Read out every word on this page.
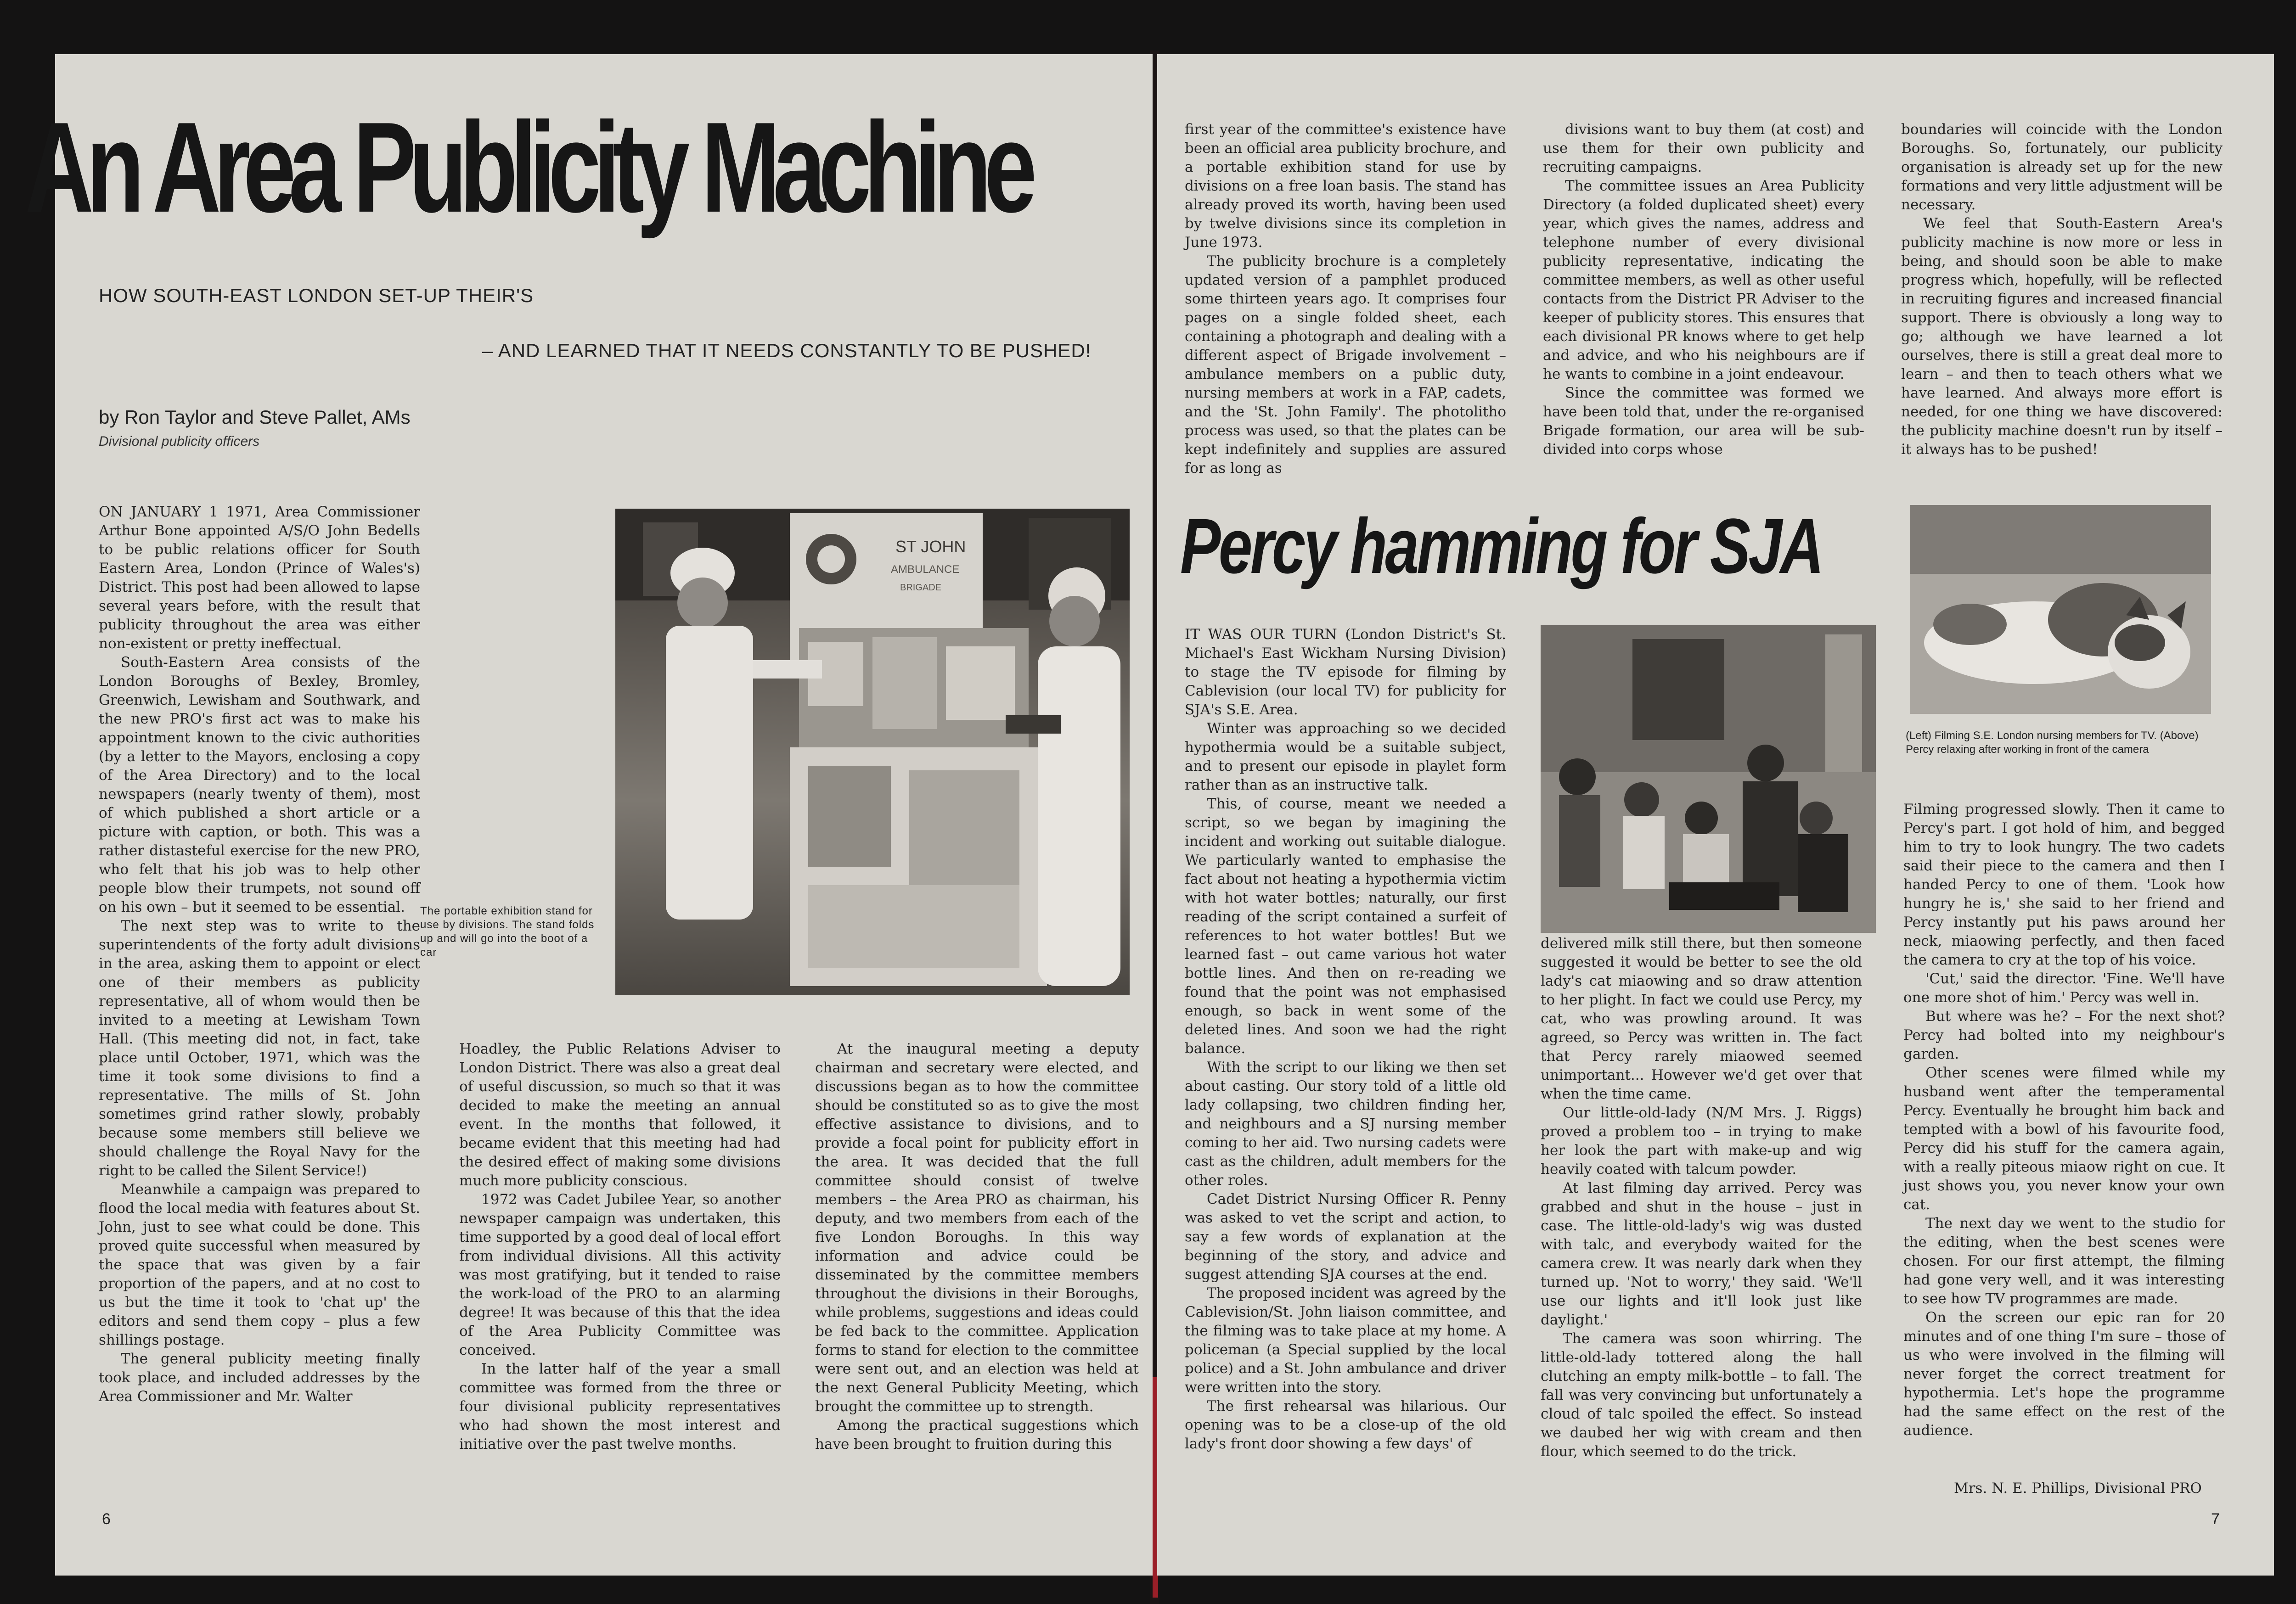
An Area Publicity Machine
HOW SOUTH-EAST LONDON SET-UP THEIR'S
– AND LEARNED THAT IT NEEDS CONSTANTLY TO BE PUSHED!
by Ron Taylor and Steve Pallet, AMs
Divisional publicity officers

ON JANUARY 1 1971, Area Commissioner Arthur Bone appointed A/S/O John Bedells to be public relations officer for South Eastern Area, London (Prince of Wales's) District. This post had been allowed to lapse several years before, with the result that publicity throughout the area was either non-existent or pretty ineffectual.

South-Eastern Area consists of the London Boroughs of Bexley, Bromley, Greenwich, Lewisham and Southwark, and the new PRO's first act was to make his appointment known to the civic authorities (by a letter to the Mayors, enclosing a copy of the Area Directory) and to the local newspapers (nearly twenty of them), most of which published a short article or a picture with caption, or both. This was a rather distasteful exercise for the new PRO, who felt that his job was to help other people blow their trumpets, not sound off on his own – but it seemed to be essential.

The next step was to write to the superintendents of the forty adult divisions in the area, asking them to appoint or elect one of their members as publicity representative, all of whom would then be invited to a meeting at Lewisham Town Hall. (This meeting did not, in fact, take place until October, 1971, which was the time it took some divisions to find a representative. The mills of St. John sometimes grind rather slowly, probably because some members still believe we should challenge the Royal Navy for the right to be called the Silent Service!)

Meanwhile a campaign was prepared to flood the local media with features about St. John, just to see what could be done. This proved quite successful when measured by the space that was given by a fair proportion of the papers, and at no cost to us but the time it took to 'chat up' the editors and send them copy – plus a few shillings postage.

The general publicity meeting finally took place, and included addresses by the Area Commissioner and Mr. Walter

ST JOHN
AMBULANCE
BRIGADE
The portable exhibition stand for use by divisions. The stand folds up and will go into the boot of a car

Hoadley, the Public Relations Adviser to London District. There was also a great deal of useful discussion, so much so that it was decided to make the meeting an annual event. In the months that followed, it became evident that this meeting had had the desired effect of making some divisions much more publicity conscious.

1972 was Cadet Jubilee Year, so another newspaper campaign was undertaken, this time supported by a good deal of local effort from individual divisions. All this activity was most gratifying, but it tended to raise the work-load of the PRO to an alarming degree! It was because of this that the idea of the Area Publicity Committee was conceived.

In the latter half of the year a small committee was formed from the three or four divisional publicity representatives who had shown the most interest and initiative over the past twelve months.

At the inaugural meeting a deputy chairman and secretary were elected, and discussions began as to how the committee should be constituted so as to give the most effective assistance to divisions, and to provide a focal point for publicity effort in the area. It was decided that the full committee should consist of twelve members – the Area PRO as chairman, his deputy, and two members from each of the five London Boroughs. In this way information and advice could be disseminated by the committee members throughout the divisions in their Boroughs, while problems, suggestions and ideas could be fed back to the committee. Application forms to stand for election to the committee were sent out, and an election was held at the next General Publicity Meeting, which brought the committee up to strength.

Among the practical suggestions which have been brought to fruition during this

6

first year of the committee's existence have been an official area publicity brochure, and a portable exhibition stand for use by divisions on a free loan basis. The stand has already proved its worth, having been used by twelve divisions since its completion in June 1973.

The publicity brochure is a completely updated version of a pamphlet produced some thirteen years ago. It comprises four pages on a single folded sheet, each containing a photograph and dealing with a different aspect of Brigade involvement – ambulance members on a public duty, nursing members at work in a FAP, cadets, and the 'St. John Family'. The photolitho process was used, so that the plates can be kept indefinitely and supplies are assured for as long as

divisions want to buy them (at cost) and use them for their own publicity and recruiting campaigns.

The committee issues an Area Publicity Directory (a folded duplicated sheet) every year, which gives the names, address and telephone number of every divisional publicity representative, indicating the committee members, as well as other useful contacts from the District PR Adviser to the keeper of publicity stores. This ensures that each divisional PR knows where to get help and advice, and who his neighbours are if he wants to combine in a joint endeavour.

Since the committee was formed we have been told that, under the re-organised Brigade formation, our area will be sub-divided into corps whose

boundaries will coincide with the London Boroughs. So, fortunately, our publicity organisation is already set up for the new formations and very little adjustment will be necessary.

We feel that South-Eastern Area's publicity machine is now more or less in being, and should soon be able to make progress which, hopefully, will be reflected in recruiting figures and increased financial support. There is obviously a long way to go; although we have learned a lot ourselves, there is still a great deal more to learn – and then to teach others what we have learned. And always more effort is needed, for one thing we have discovered: the publicity machine doesn't run by itself – it always has to be pushed!

Percy hamming for SJA
(Left) Filming S.E. London nursing members for TV. (Above) Percy relaxing after working in front of the camera

IT WAS OUR TURN (London District's St. Michael's East Wickham Nursing Division) to stage the TV episode for filming by Cablevision (our local TV) for publicity for SJA's S.E. Area.

Winter was approaching so we decided hypothermia would be a suitable subject, and to present our episode in playlet form rather than as an instructive talk.

This, of course, meant we needed a script, so we began by imagining the incident and working out suitable dialogue. We particularly wanted to emphasise the fact about not heating a hypothermia victim with hot water bottles; naturally, our first reading of the script contained a surfeit of references to hot water bottles! But we learned fast – out came various hot water bottle lines. And then on re-reading we found that the point was not emphasised enough, so back in went some of the deleted lines. And soon we had the right balance.

With the script to our liking we then set about casting. Our story told of a little old lady collapsing, two children finding her, and neighbours and a SJ nursing member coming to her aid. Two nursing cadets were cast as the children, adult members for the other roles.

Cadet District Nursing Officer R. Penny was asked to vet the script and action, to say a few words of explanation at the beginning of the story, and advice and suggest attending SJA courses at the end.

The proposed incident was agreed by the Cablevision/St. John liaison committee, and the filming was to take place at my home. A policeman (a Special supplied by the local police) and a St. John ambulance and driver were written into the story.

The first rehearsal was hilarious. Our opening was to be a close-up of the old lady's front door showing a few days' of

delivered milk still there, but then someone suggested it would be better to see the old lady's cat miaowing and so draw attention to her plight. In fact we could use Percy, my cat, who was prowling around. It was agreed, so Percy was written in. The fact that Percy rarely miaowed seemed unimportant... However we'd get over that when the time came.

Our little-old-lady (N/M Mrs. J. Riggs) proved a problem too – in trying to make her look the part with make-up and wig heavily coated with talcum powder.

At last filming day arrived. Percy was grabbed and shut in the house – just in case. The little-old-lady's wig was dusted with talc, and everybody waited for the camera crew. It was nearly dark when they turned up. 'Not to worry,' they said. 'We'll use our lights and it'll look just like daylight.'

The camera was soon whirring. The little-old-lady tottered along the hall clutching an empty milk-bottle – to fall. The fall was very convincing but unfortunately a cloud of talc spoiled the effect. So instead we daubed her wig with cream and then flour, which seemed to do the trick.

Filming progressed slowly. Then it came to Percy's part. I got hold of him, and begged him to try to look hungry. The two cadets said their piece to the camera and then I handed Percy to one of them. 'Look how hungry he is,' she said to her friend and Percy instantly put his paws around her neck, miaowing perfectly, and then faced the camera to cry at the top of his voice.

'Cut,' said the director. 'Fine. We'll have one more shot of him.' Percy was well in.

But where was he? – For the next shot? Percy had bolted into my neighbour's garden.

Other scenes were filmed while my husband went after the temperamental Percy. Eventually he brought him back and tempted with a bowl of his favourite food, Percy did his stuff for the camera again, with a really piteous miaow right on cue. It just shows you, you never know your own cat.

The next day we went to the studio for the editing, when the best scenes were chosen. For our first attempt, the filming had gone very well, and it was interesting to see how TV programmes are made.

On the screen our epic ran for 20 minutes and of one thing I'm sure – those of us who were involved in the filming will never forget the correct treatment for hypothermia. Let's hope the programme had the same effect on the rest of the audience.

Mrs. N. E. Phillips, Divisional PRO
7
